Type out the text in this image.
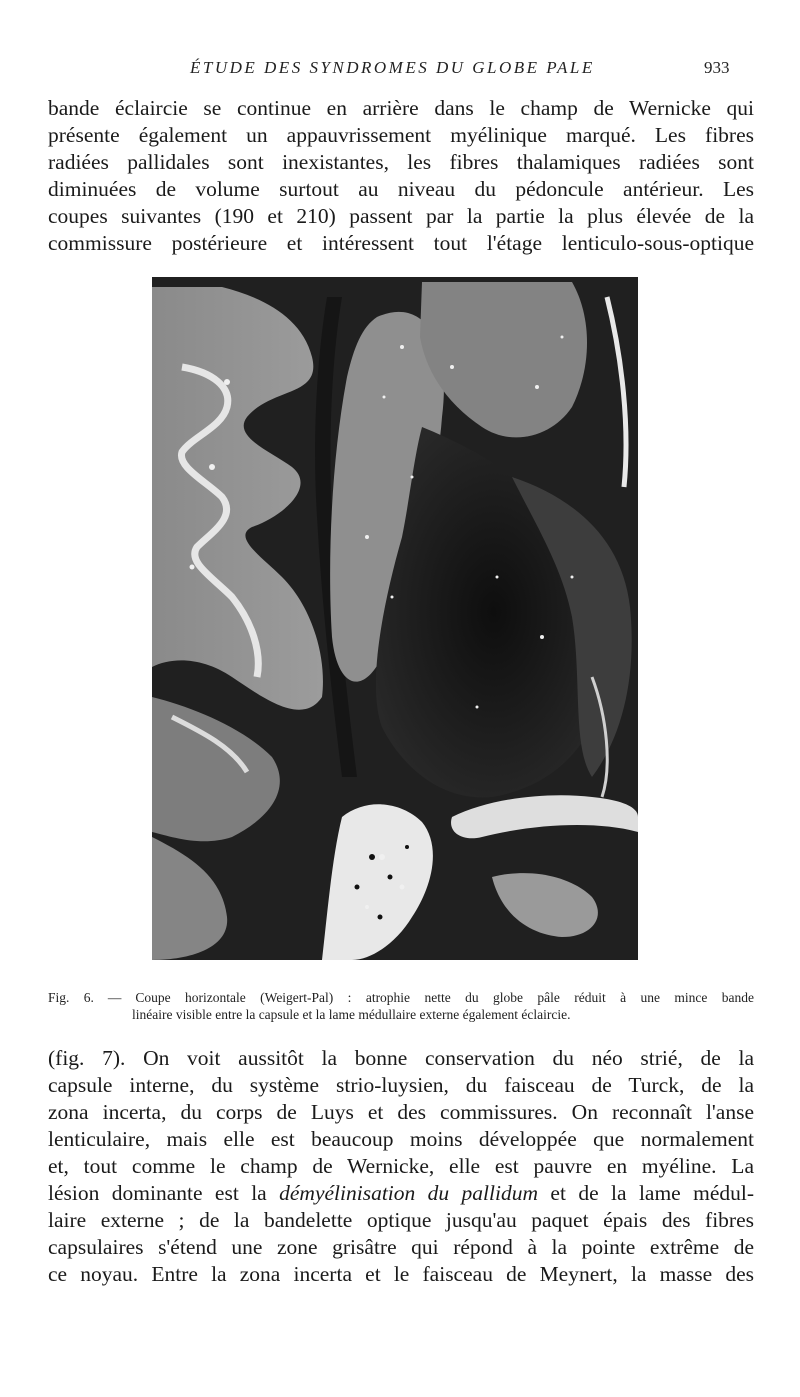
ÉTUDE DES SYNDROMES DU GLOBE PALE	933
bande éclaircie se continue en arrière dans le champ de Wernicke qui
présente également un appauvrissement myélinique marqué. Les fibres
radiées pallidales sont inexistantes, les fibres thalamiques radiées sont
diminuées de volume surtout au niveau du pédoncule antérieur. Les
coupes suivantes (190 et 210) passent par la partie la plus élevée de la
commissure postérieure et intéressent tout l'étage lenticulo-sous-optique
Fig. 6. — Coupe horizontale (Weigert-Pal) : atrophie nette du globe pâle réduit à une mince bande
linéaire visible entre la capsule et la lame médullaire externe également éclaircie.
(fig. 7). On voit aussitôt la bonne conservation du néo strié, de la
capsule interne, du système strio-luysien, du faisceau de Turck, de la
zona incerta, du corps de Luys et des commissures. On reconnaît l'anse
lenticulaire, mais elle est beaucoup moins développée que normalement
et, tout comme le champ de Wernicke, elle est pauvre en myéline. La
lésion dominante est la démyélinisation du pallidum et de la lame médul-
laire externe ; de la bandelette optique jusqu'au paquet épais des fibres
capsulaires s'étend une zone grisâtre qui répond à la pointe extrême de
ce noyau. Entre la zona incerta et le faisceau de Meynert, la masse des
